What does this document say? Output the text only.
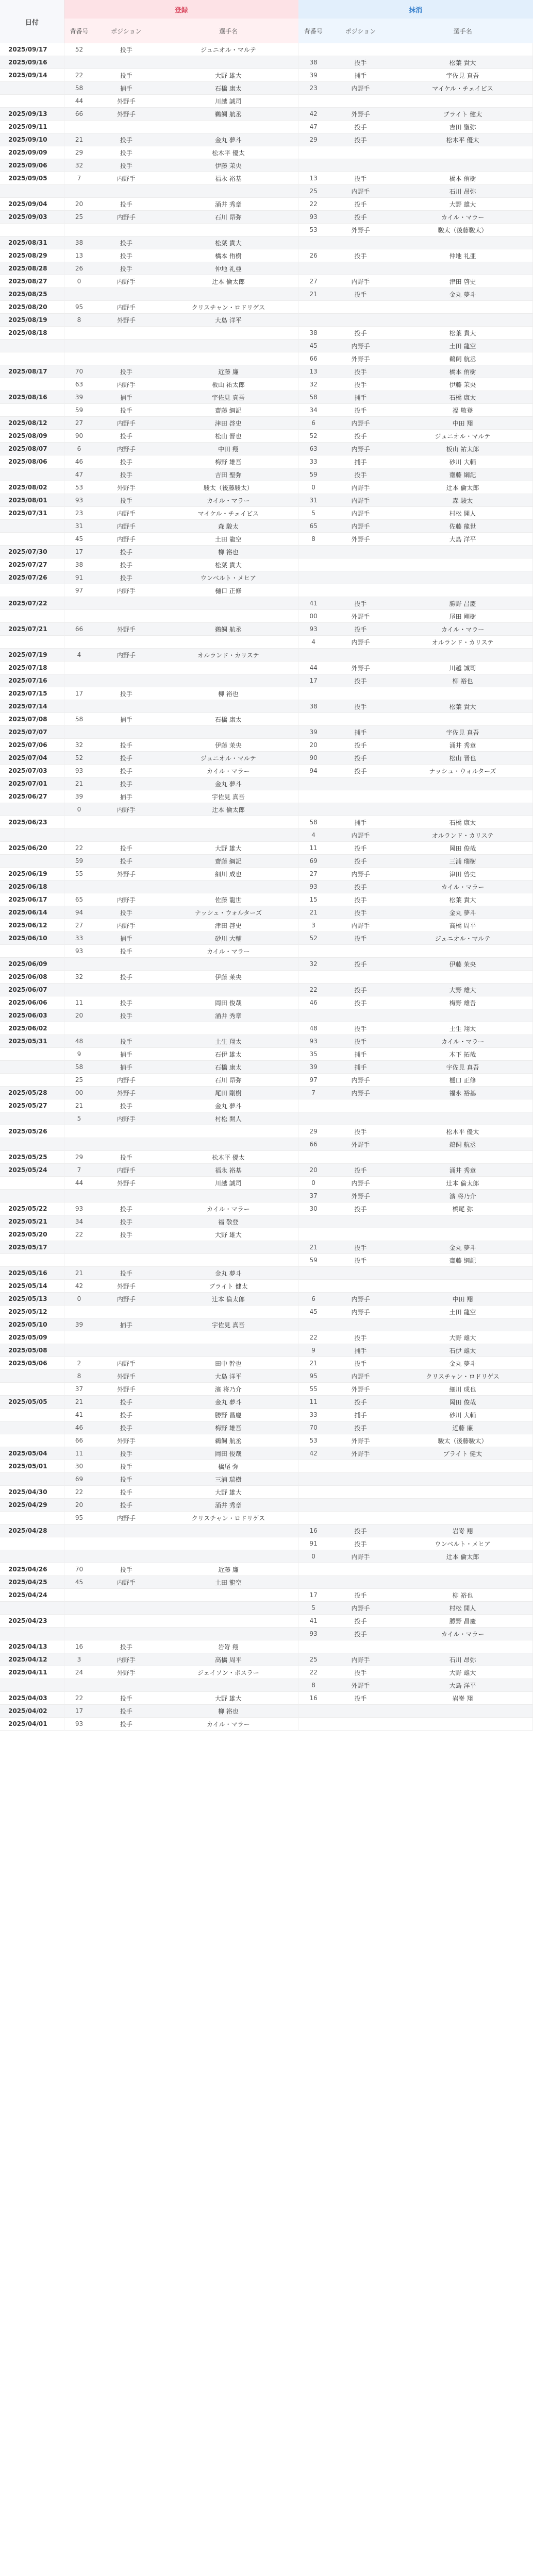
日付	登録			抹消		
	背番号	ポジション	選手名	背番号	ポジション	選手名
2025/09/17	52	投手	ジュニオル・マルテ			
2025/09/16				38	投手	松葉 貴大
2025/09/14	22	投手	大野 雄大	39	捕手	宇佐見 真吾
	58	捕手	石橋 康太	23	内野手	マイケル・チェイビス
	44	外野手	川越 誠司			
2025/09/13	66	外野手	鵜飼 航丞	42	外野手	ブライト 健太
2025/09/11				47	投手	吉田 聖弥
2025/09/10	21	投手	金丸 夢斗	29	投手	松木平 優太
2025/09/09	29	投手	松木平 優太			
2025/09/06	32	投手	伊藤 茉央			
2025/09/05	7	内野手	福永 裕基	13	投手	橋本 侑樹
				25	内野手	石川 昂弥
2025/09/04	20	投手	涌井 秀章	22	投手	大野 雄大
2025/09/03	25	内野手	石川 昂弥	93	投手	カイル・マラー
				53	外野手	駿太（後藤駿太）
2025/08/31	38	投手	松葉 貴大			
2025/08/29	13	投手	橋本 侑樹	26	投手	仲地 礼亜
2025/08/28	26	投手	仲地 礼亜			
2025/08/27	0	内野手	辻本 倫太郎	27	内野手	津田 啓史
2025/08/25				21	投手	金丸 夢斗
2025/08/20	95	内野手	クリスチャン・ロドリゲス			
2025/08/19	8	外野手	大島 洋平			
2025/08/18				38	投手	松葉 貴大
				45	内野手	土田 龍空
				66	外野手	鵜飼 航丞
2025/08/17	70	投手	近藤 廉	13	投手	橋本 侑樹
	63	内野手	板山 祐太郎	32	投手	伊藤 茉央
2025/08/16	39	捕手	宇佐見 真吾	58	捕手	石橋 康太
	59	投手	齋藤 綱記	34	投手	福 敬登
2025/08/12	27	内野手	津田 啓史	6	内野手	中田 翔
2025/08/09	90	投手	松山 晋也	52	投手	ジュニオル・マルテ
2025/08/07	6	内野手	中田 翔	63	内野手	板山 祐太郎
2025/08/06	46	投手	梅野 雄吾	33	捕手	砂川 大輔
	47	投手	吉田 聖弥	59	投手	齋藤 綱記
2025/08/02	53	外野手	駿太（後藤駿太）	0	内野手	辻本 倫太郎
2025/08/01	93	投手	カイル・マラー	31	内野手	森 駿太
2025/07/31	23	内野手	マイケル・チェイビス	5	内野手	村松 開人
	31	内野手	森 駿太	65	内野手	佐藤 龍世
	45	内野手	土田 龍空	8	外野手	大島 洋平
2025/07/30	17	投手	柳 裕也			
2025/07/27	38	投手	松葉 貴大			
2025/07/26	91	投手	ウンベルト・メヒア			
	97	内野手	樋口 正修			
2025/07/22				41	投手	勝野 昌慶
				00	外野手	尾田 剛樹
2025/07/21	66	外野手	鵜飼 航丞	93	投手	カイル・マラー
				4	内野手	オルランド・カリステ
2025/07/19	4	内野手	オルランド・カリステ			
2025/07/18				44	外野手	川越 誠司
2025/07/16				17	投手	柳 裕也
2025/07/15	17	投手	柳 裕也			
2025/07/14				38	投手	松葉 貴大
2025/07/08	58	捕手	石橋 康太			
2025/07/07				39	捕手	宇佐見 真吾
2025/07/06	32	投手	伊藤 茉央	20	投手	涌井 秀章
2025/07/04	52	投手	ジュニオル・マルテ	90	投手	松山 晋也
2025/07/03	93	投手	カイル・マラー	94	投手	ナッシュ・ウォルターズ
2025/07/01	21	投手	金丸 夢斗			
2025/06/27	39	捕手	宇佐見 真吾			
	0	内野手	辻本 倫太郎			
2025/06/23				58	捕手	石橋 康太
				4	内野手	オルランド・カリステ
2025/06/20	22	投手	大野 雄大	11	投手	岡田 俊哉
	59	投手	齋藤 綱記	69	投手	三浦 瑞樹
2025/06/19	55	外野手	細川 成也	27	内野手	津田 啓史
2025/06/18				93	投手	カイル・マラー
2025/06/17	65	内野手	佐藤 龍世	15	投手	松葉 貴大
2025/06/14	94	投手	ナッシュ・ウォルターズ	21	投手	金丸 夢斗
2025/06/12	27	内野手	津田 啓史	3	内野手	高橋 周平
2025/06/10	33	捕手	砂川 大輔	52	投手	ジュニオル・マルテ
	93	投手	カイル・マラー			
2025/06/09				32	投手	伊藤 茉央
2025/06/08	32	投手	伊藤 茉央			
2025/06/07				22	投手	大野 雄大
2025/06/06	11	投手	岡田 俊哉	46	投手	梅野 雄吾
2025/06/03	20	投手	涌井 秀章			
2025/06/02				48	投手	土生 翔太
2025/05/31	48	投手	土生 翔太	93	投手	カイル・マラー
	9	捕手	石伊 雄太	35	捕手	木下 拓哉
	58	捕手	石橋 康太	39	捕手	宇佐見 真吾
	25	内野手	石川 昂弥	97	内野手	樋口 正修
2025/05/28	00	外野手	尾田 剛樹	7	内野手	福永 裕基
2025/05/27	21	投手	金丸 夢斗			
	5	内野手	村松 開人			
2025/05/26				29	投手	松木平 優太
				66	外野手	鵜飼 航丞
2025/05/25	29	投手	松木平 優太			
2025/05/24	7	内野手	福永 裕基	20	投手	涌井 秀章
	44	外野手	川越 誠司	0	内野手	辻本 倫太郎
				37	外野手	濱 将乃介
2025/05/22	93	投手	カイル・マラー	30	投手	橋尾 弥
2025/05/21	34	投手	福 敬登			
2025/05/20	22	投手	大野 雄大			
2025/05/17				21	投手	金丸 夢斗
				59	投手	齋藤 綱記
2025/05/16	21	投手	金丸 夢斗			
2025/05/14	42	外野手	ブライト 健太			
2025/05/13	0	内野手	辻本 倫太郎	6	内野手	中田 翔
2025/05/12				45	内野手	土田 龍空
2025/05/10	39	捕手	宇佐見 真吾			
2025/05/09				22	投手	大野 雄大
2025/05/08				9	捕手	石伊 雄太
2025/05/06	2	内野手	田中 幹也	21	投手	金丸 夢斗
	8	外野手	大島 洋平	95	内野手	クリスチャン・ロドリゲス
	37	外野手	濱 将乃介	55	外野手	細川 成也
2025/05/05	21	投手	金丸 夢斗	11	投手	岡田 俊哉
	41	投手	勝野 昌慶	33	捕手	砂川 大輔
	46	投手	梅野 雄吾	70	投手	近藤 廉
	66	外野手	鵜飼 航丞	53	外野手	駿太（後藤駿太）
2025/05/04	11	投手	岡田 俊哉	42	外野手	ブライト 健太
2025/05/01	30	投手	橋尾 弥			
	69	投手	三浦 瑞樹			
2025/04/30	22	投手	大野 雄大			
2025/04/29	20	投手	涌井 秀章			
	95	内野手	クリスチャン・ロドリゲス			
2025/04/28				16	投手	岩嵜 翔
				91	投手	ウンベルト・メヒア
				0	内野手	辻本 倫太郎
2025/04/26	70	投手	近藤 廉			
2025/04/25	45	内野手	土田 龍空			
2025/04/24				17	投手	柳 裕也
				5	内野手	村松 開人
2025/04/23				41	投手	勝野 昌慶
				93	投手	カイル・マラー
2025/04/13	16	投手	岩嵜 翔			
2025/04/12	3	内野手	高橋 周平	25	内野手	石川 昂弥
2025/04/11	24	外野手	ジェイソン・ボスラー	22	投手	大野 雄大
				8	外野手	大島 洋平
2025/04/03	22	投手	大野 雄大	16	投手	岩嵜 翔
2025/04/02	17	投手	柳 裕也			
2025/04/01	93	投手	カイル・マラー			
